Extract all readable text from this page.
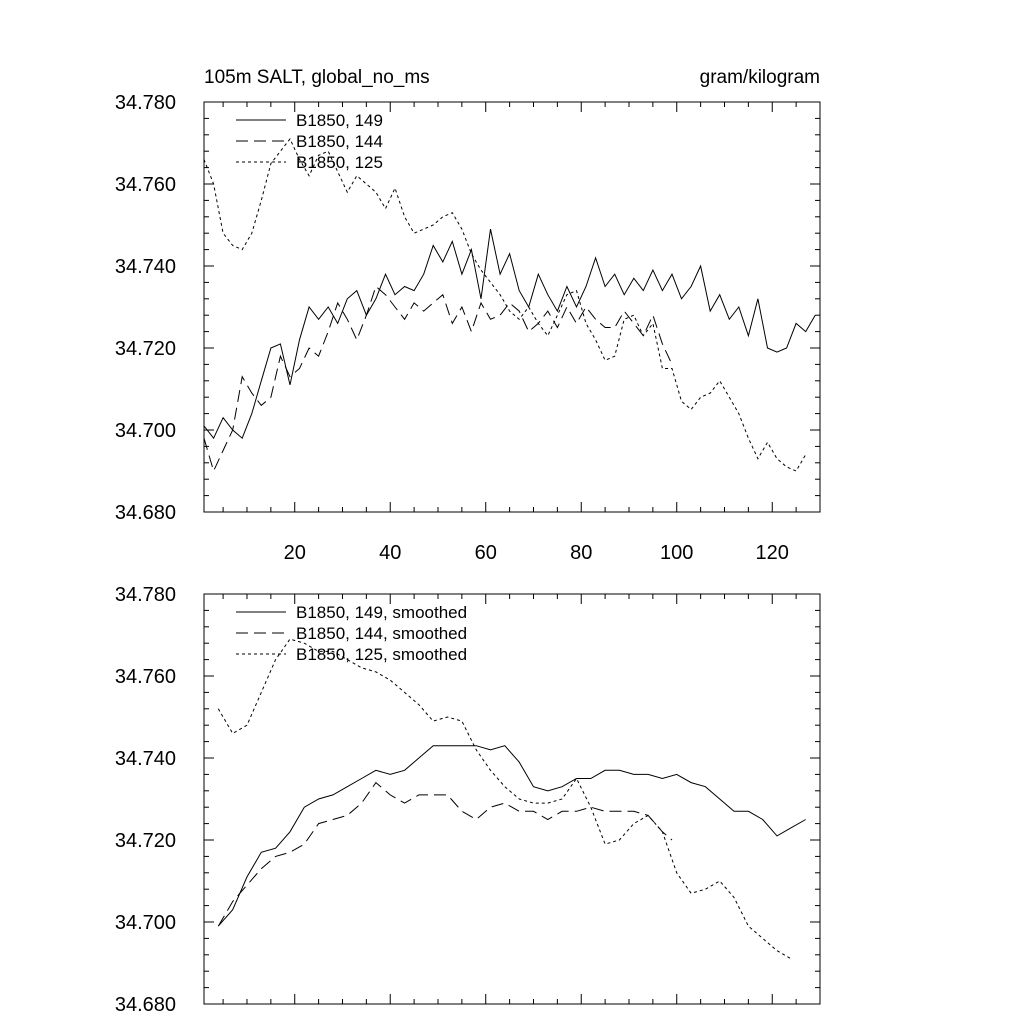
105m SALT, global_no_ms	gram/kilogram
34.680
34.700
34.720
34.740
34.760
34.780
20	40	60	80	100	120
B1850, 149
B1850, 144
B1850, 125
34.680
34.700
34.720
34.740
34.760
34.780
B1850, 149, smoothed
B1850, 144, smoothed
B1850, 125, smoothed
